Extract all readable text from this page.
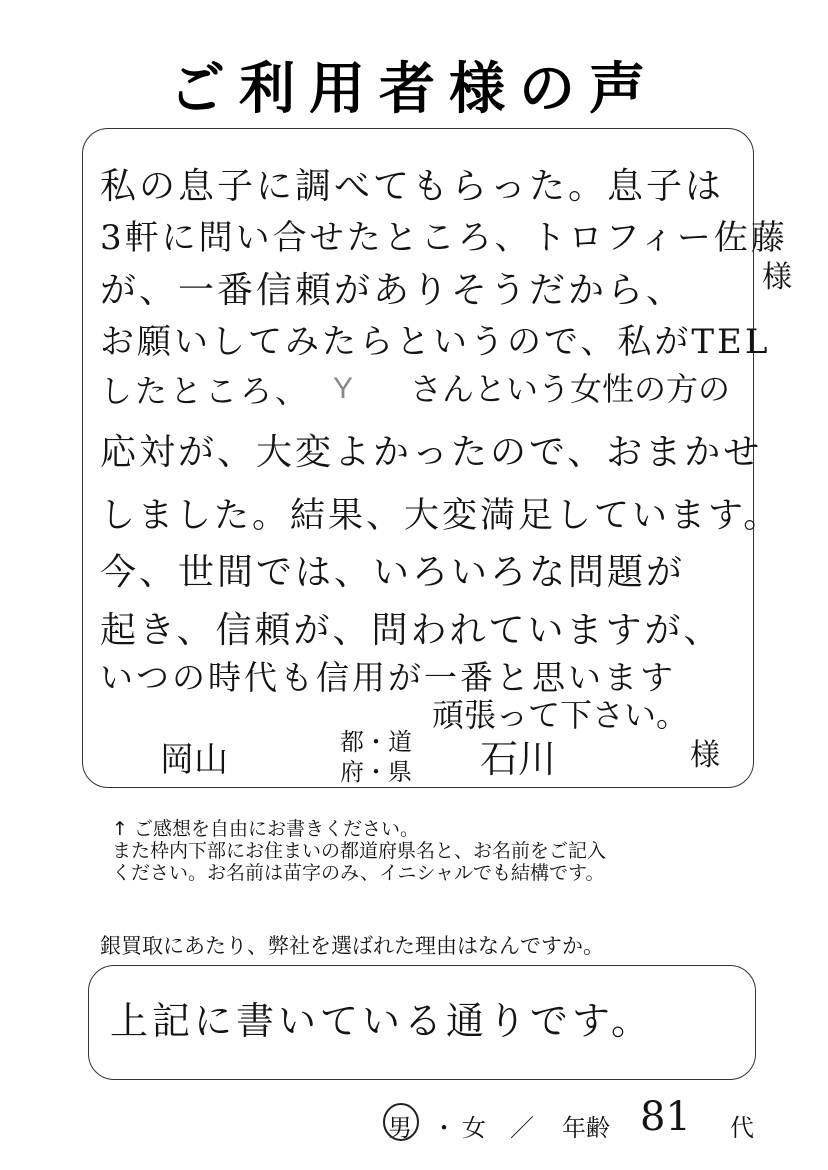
ご利用者様の声
私の息子に調べてもらった。息子は
3軒に問い合せたところ、トロフィー佐藤
様
が、一番信頼がありそうだから、
お願いしてみたらというので、私がTEL
したところ、 Y さんという女性の方の
応対が、大変よかったので、おまかせ
しました。結果、大変満足しています。
今、世間では、いろいろな問題が
起き、信頼が、問われていますが、
いつの時代も信用が一番と思います
頑張って下さい。
岡山	都・道
府・県 石川	様
↑ ご感想を自由にお書きください。
また枠内下部にお住まいの都道府県名と、お名前をご記入
ください。お名前は苗字のみ、イニシャルでも結構です。
銀買取にあたり、弊社を選ばれた理由はなんですか。
上記に書いている通りです。
男 ・ 女 ／ 年齢 81 代
